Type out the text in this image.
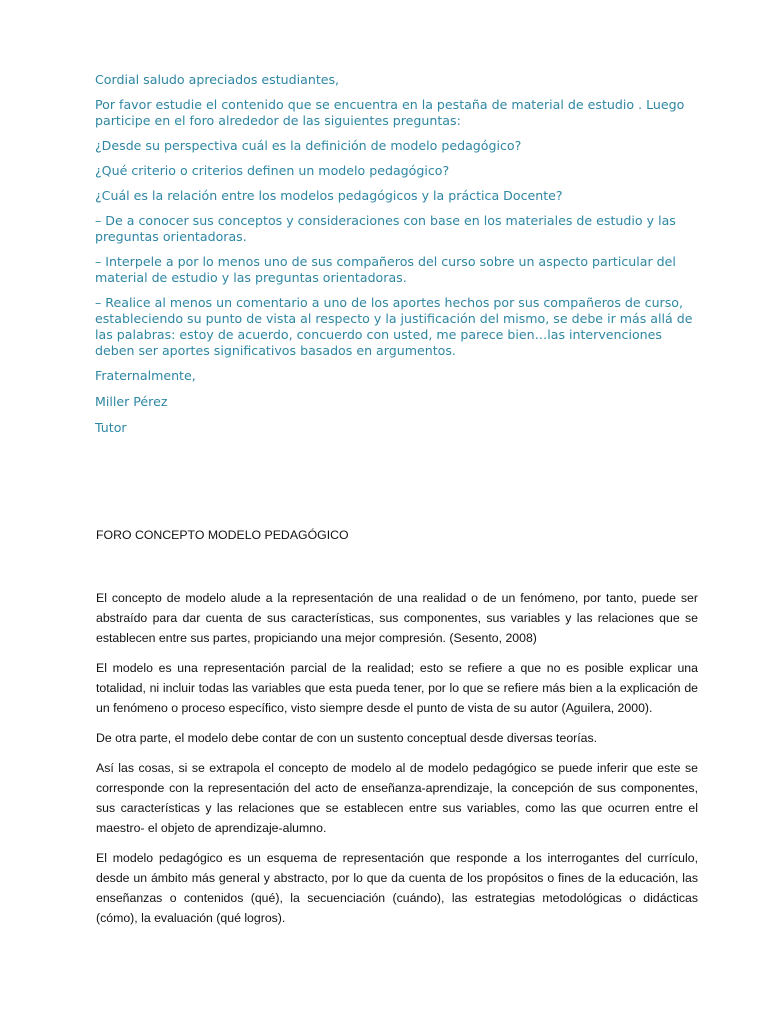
Cordial saludo apreciados estudiantes,

Por favor estudie el contenido que se encuentra en la pestaña de material de estudio . Luego participe en el foro alrededor de las siguientes preguntas:

¿Desde su perspectiva cuál es la definición de modelo pedagógico?

¿Qué criterio o criterios definen un modelo pedagógico?

¿Cuál es la relación entre los modelos pedagógicos y la práctica Docente?

– De a conocer sus conceptos y consideraciones con base en los materiales de estudio y las preguntas orientadoras.

– Interpele a por lo menos uno de sus compañeros del curso sobre un aspecto particular del material de estudio y las preguntas orientadoras.

– Realice al menos un comentario a uno de los aportes hechos por sus compañeros de curso, estableciendo su punto de vista al respecto y la justificación del mismo, se debe ir más allá de las palabras: estoy de acuerdo, concuerdo con usted, me parece bien…las intervenciones deben ser aportes significativos basados en argumentos.

Fraternalmente,

Miller Pérez

Tutor

FORO CONCEPTO MODELO PEDAGÓGICO

El concepto de modelo alude a la representación de una realidad o de un fenómeno, por tanto, puede ser abstraído para dar cuenta de sus características, sus componentes, sus variables y las relaciones que se establecen entre sus partes, propiciando una mejor compresión. (Sesento, 2008)

El modelo es una representación parcial de la realidad; esto se refiere a que no es posible explicar una totalidad, ni incluir todas las variables que esta pueda tener, por lo que se refiere más bien a la explicación de un fenómeno o proceso específico, visto siempre desde el punto de vista de su autor (Aguilera, 2000).

De otra parte, el modelo debe contar de con un sustento conceptual desde diversas teorías.

Así las cosas, si se extrapola el concepto de modelo al de modelo pedagógico se puede inferir que este se corresponde con la representación del acto de enseñanza-aprendizaje, la concepción de sus componentes, sus características y las relaciones que se establecen entre sus variables, como las que ocurren entre el maestro- el objeto de aprendizaje-alumno.

El modelo pedagógico es un esquema de representación que responde a los interrogantes del currículo, desde un ámbito más general y abstracto, por lo que da cuenta de los propósitos o fines de la educación, las enseñanzas o contenidos (qué), la secuenciación (cuándo), las estrategias metodológicas o didácticas (cómo), la evaluación (qué logros).
